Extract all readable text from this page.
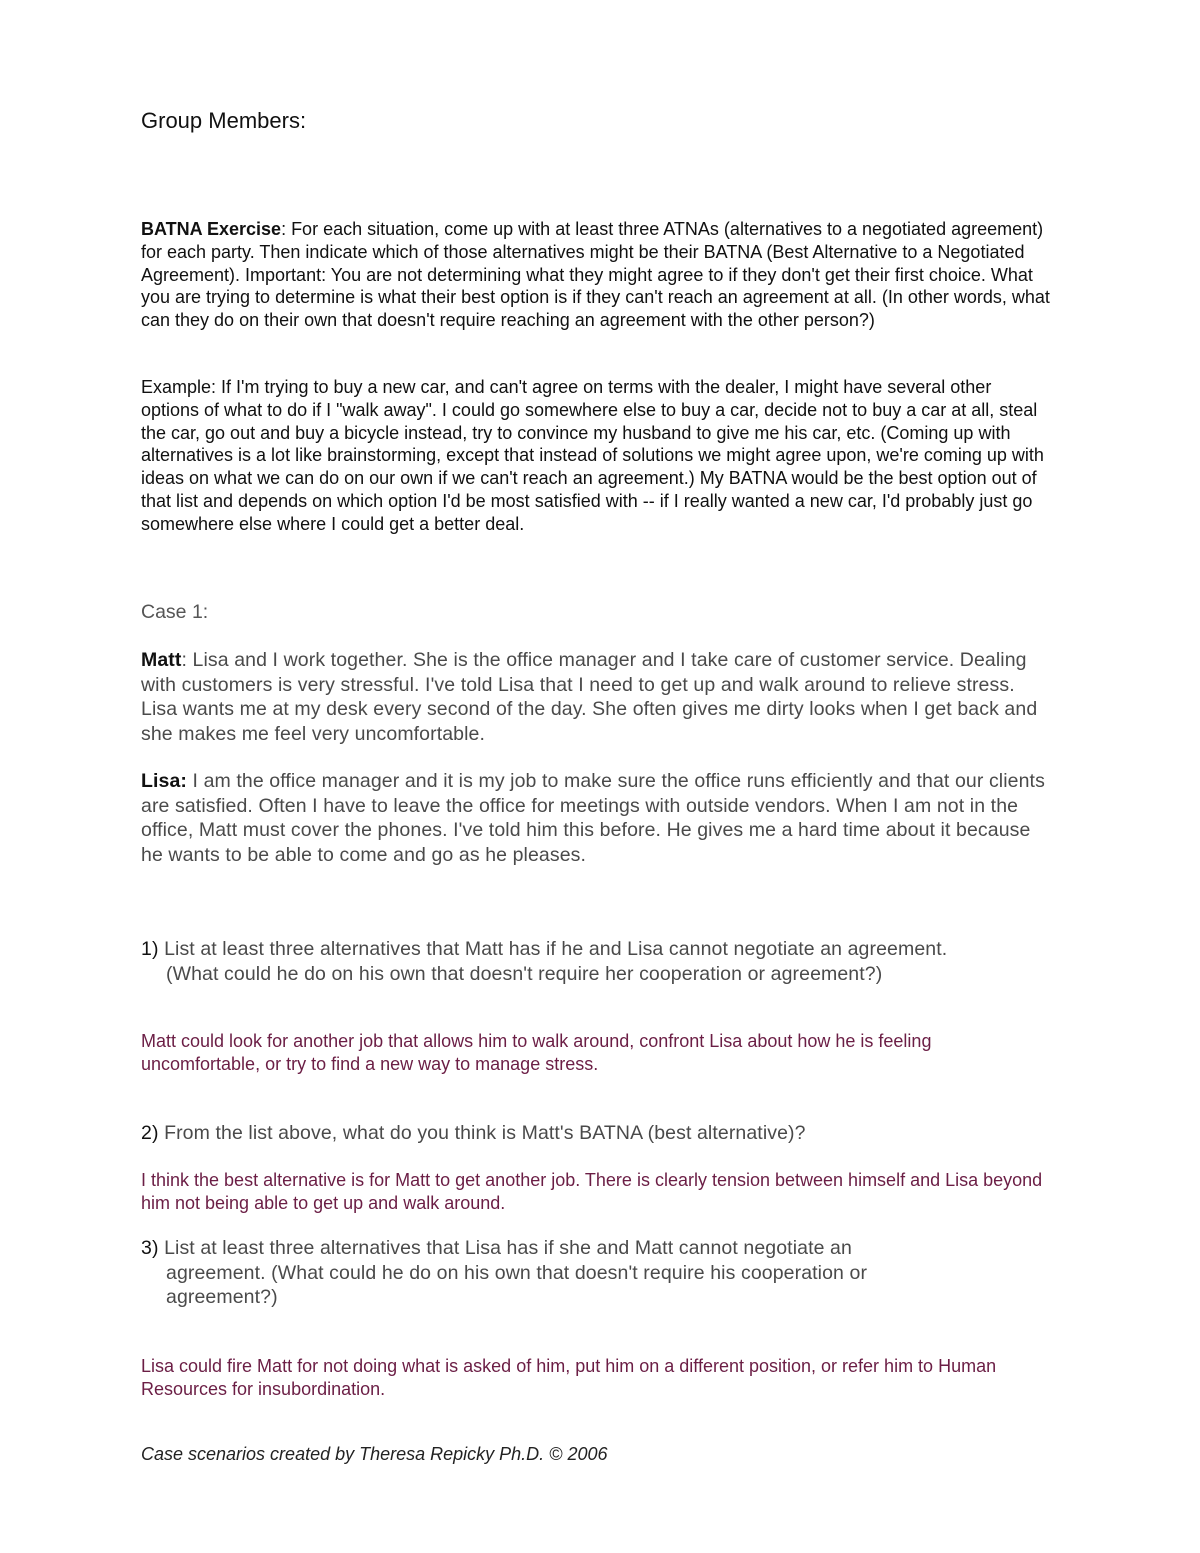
Group Members:
BATNA Exercise: For each situation, come up with at least three ATNAs (alternatives to a negotiated agreement) for each party. Then indicate which of those alternatives might be their BATNA (Best Alternative to a Negotiated Agreement). Important: You are not determining what they might agree to if they don't get their first choice. What you are trying to determine is what their best option is if they can't reach an agreement at all. (In other words, what can they do on their own that doesn't require reaching an agreement with the other person?)
Example: If I'm trying to buy a new car, and can't agree on terms with the dealer, I might have several other options of what to do if I "walk away". I could go somewhere else to buy a car, decide not to buy a car at all, steal the car, go out and buy a bicycle instead, try to convince my husband to give me his car, etc. (Coming up with alternatives is a lot like brainstorming, except that instead of solutions we might agree upon, we're coming up with ideas on what we can do on our own if we can't reach an agreement.) My BATNA would be the best option out of that list and depends on which option I'd be most satisfied with -- if I really wanted a new car, I'd probably just go somewhere else where I could get a better deal.
Case 1:
Matt: Lisa and I work together. She is the office manager and I take care of customer service. Dealing with customers is very stressful. I've told Lisa that I need to get up and walk around to relieve stress. Lisa wants me at my desk every second of the day. She often gives me dirty looks when I get back and she makes me feel very uncomfortable.
Lisa: I am the office manager and it is my job to make sure the office runs efficiently and that our clients are satisfied. Often I have to leave the office for meetings with outside vendors. When I am not in the office, Matt must cover the phones. I've told him this before. He gives me a hard time about it because he wants to be able to come and go as he pleases.
1) List at least three alternatives that Matt has if he and Lisa cannot negotiate an agreement.
(What could he do on his own that doesn't require her cooperation or agreement?)
Matt could look for another job that allows him to walk around, confront Lisa about how he is feeling uncomfortable, or try to find a new way to manage stress.
2) From the list above, what do you think is Matt's BATNA (best alternative)?
I think the best alternative is for Matt to get another job. There is clearly tension between himself and Lisa beyond him not being able to get up and walk around.
3) List at least three alternatives that Lisa has if she and Matt cannot negotiate an
agreement. (What could he do on his own that doesn't require his cooperation or agreement?)
Lisa could fire Matt for not doing what is asked of him, put him on a different position, or refer him to Human Resources for insubordination.
Case scenarios created by Theresa Repicky Ph.D. © 2006
